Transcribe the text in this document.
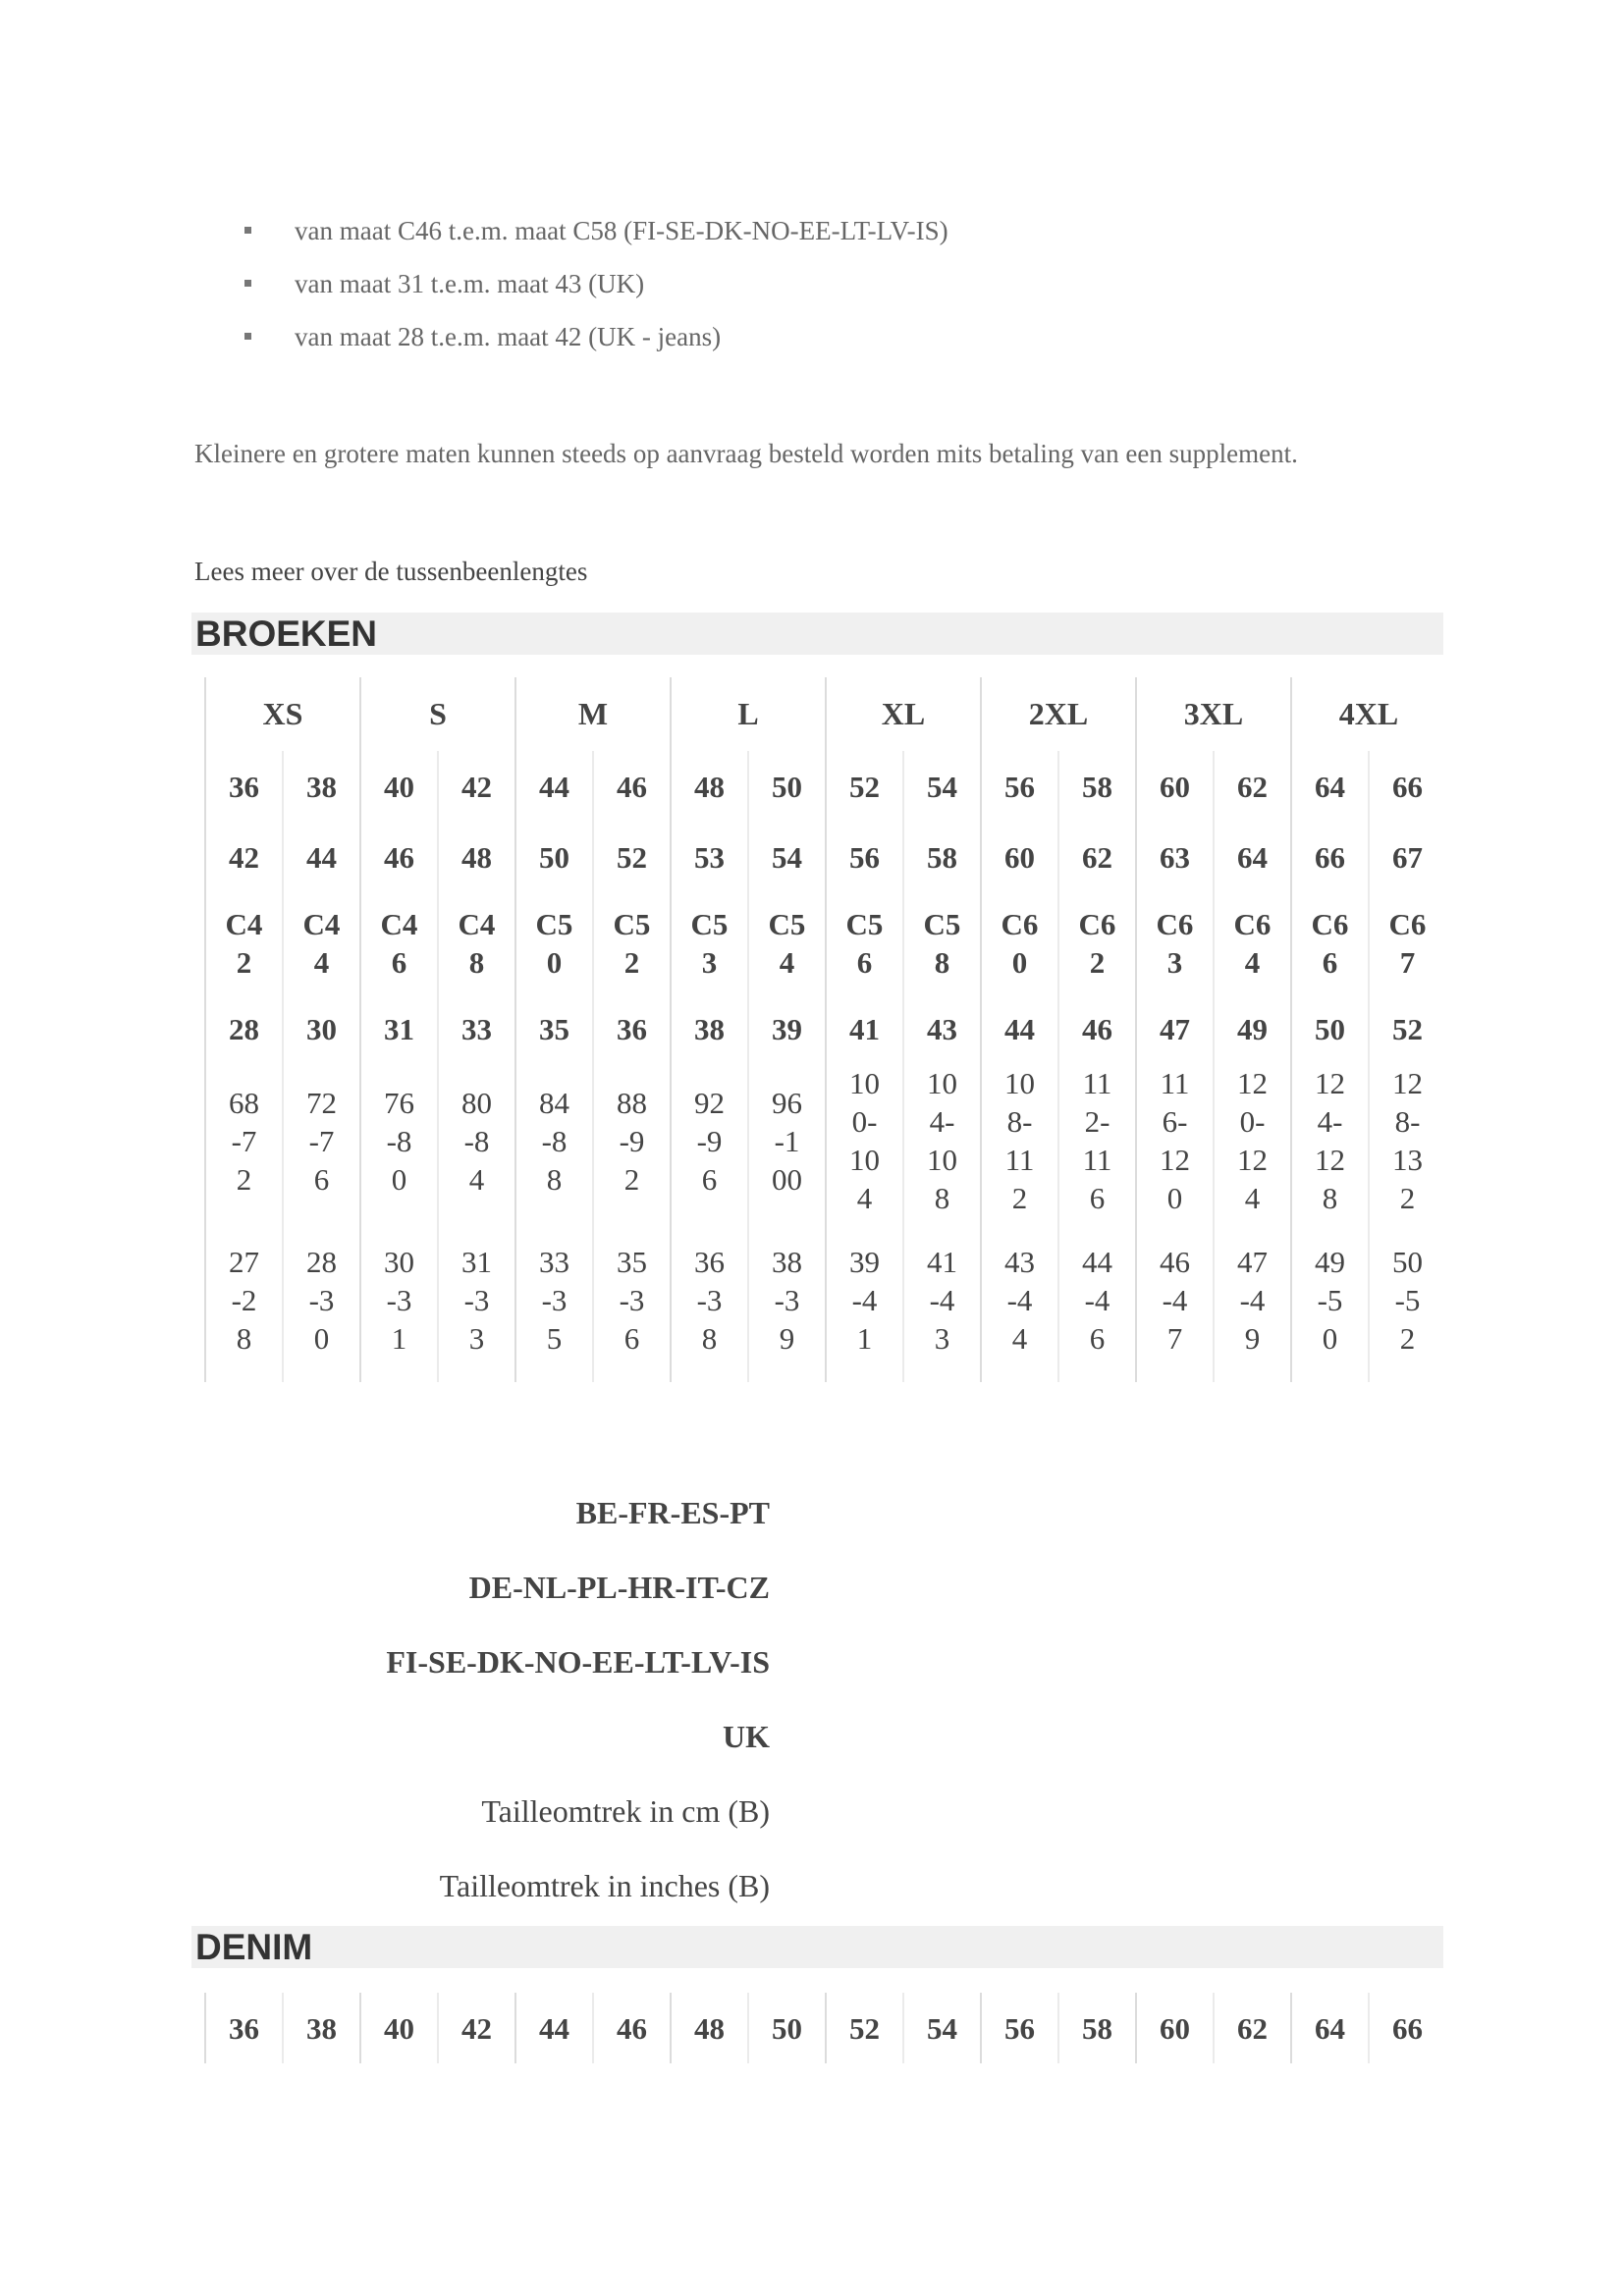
van maat C46 t.e.m. maat C58 (FI-SE-DK-NO-EE-LT-LV-IS)
van maat 31 t.e.m. maat 43 (UK)
van maat 28 t.e.m. maat 42 (UK - jeans)
Kleinere en grotere maten kunnen steeds op aanvraag besteld worden mits betaling van een supplement.
Lees meer over de tussenbeenlengtes
BROEKEN
XS		S		M		L		XL		2XL		3XL		4XL	
36	38	40	42	44	46	48	50	52	54	56	58	60	62	64	66
42	44	46	48	50	52	53	54	56	58	60	62	63	64	66	67
C42	C44	C46	C48	C50	C52	C53	C54	C56	C58	C60	C62	C63	C64	C66	C67
28	30	31	33	35	36	38	39	41	43	44	46	47	49	50	52
68-72	72-76	76-80	80-84	84-88	88-92	92-96	96-100	100-104	104-108	108-112	112-116	116-120	120-124	124-128	128-132
27-28	28-30	30-31	31-33	33-35	35-36	36-38	38-39	39-41	41-43	43-44	44-46	46-47	47-49	49-50	50-52
BE-FR-ES-PT
DE-NL-PL-HR-IT-CZ
FI-SE-DK-NO-EE-LT-LV-IS
UK
Tailleomtrek in cm (B)
Tailleomtrek in inches (B)
DENIM
36	38	40	42	44	46	48	50	52	54	56	58	60	62	64	66
